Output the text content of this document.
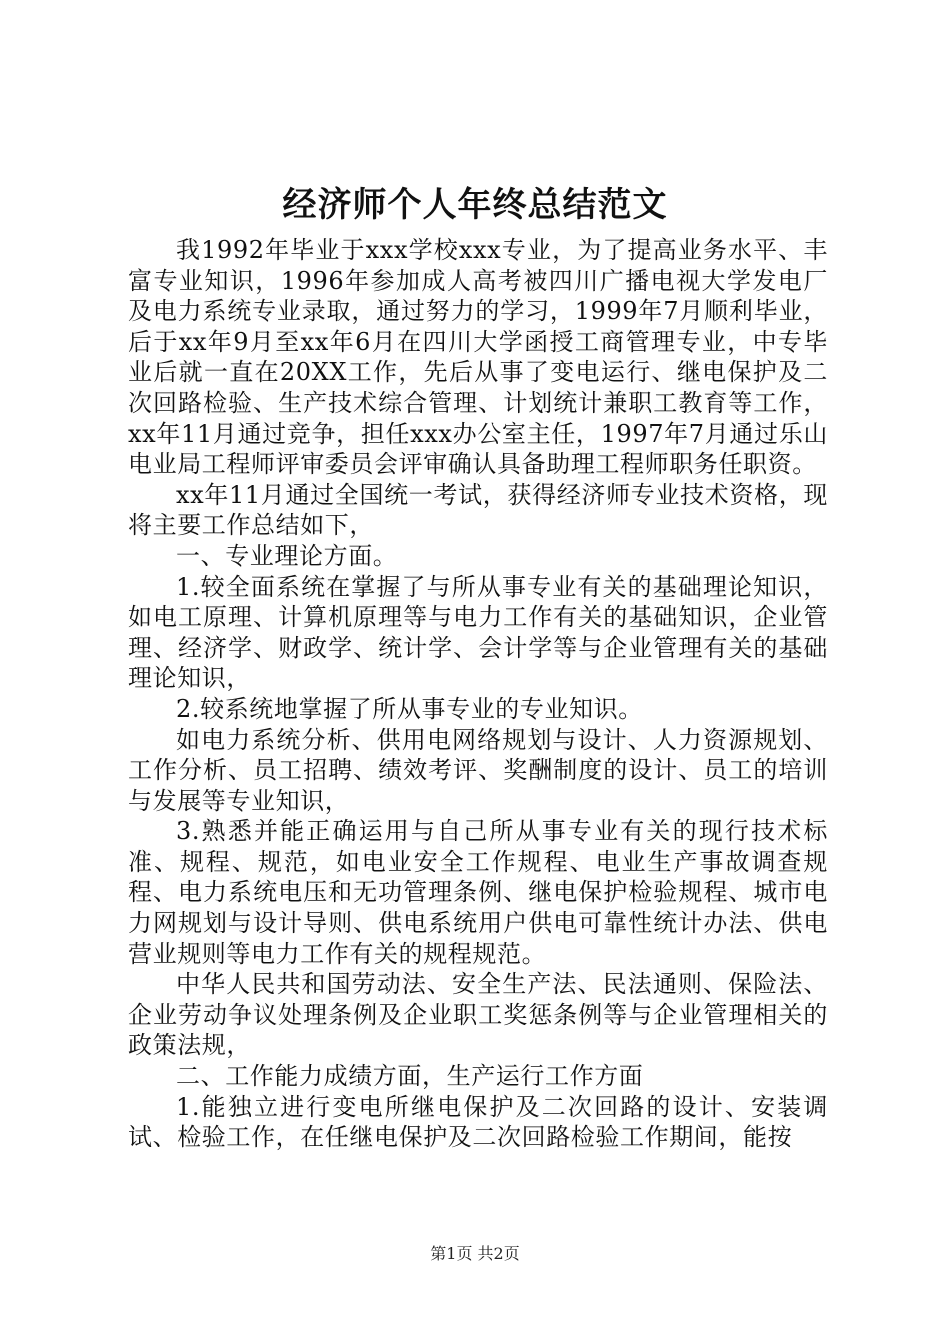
经济师个人年终总结范文

我1992年毕业于xxx学校xxx专业，为了提高业务水平、丰富专业知识，1996年参加成人高考被四川广播电视大学发电厂及电力系统专业录取，通过努力的学习，1999年7月顺利毕业，后于xx年9月至xx年6月在四川大学函授工商管理专业，中专毕业后就一直在20XX工作，先后从事了变电运行、继电保护及二次回路检验、生产技术综合管理、计划统计兼职工教育等工作，xx年11月通过竞争，担任xxx办公室主任，1997年7月通过乐山电业局工程师评审委员会评审确认具备助理工程师职务任职资。

xx年11月通过全国统一考试，获得经济师专业技术资格，现将主要工作总结如下，

一、专业理论方面。

1.较全面系统在掌握了与所从事专业有关的基础理论知识，如电工原理、计算机原理等与电力工作有关的基础知识，企业管理、经济学、财政学、统计学、会计学等与企业管理有关的基础理论知识，

2.较系统地掌握了所从事专业的专业知识。

如电力系统分析、供用电网络规划与设计、人力资源规划、工作分析、员工招聘、绩效考评、奖酬制度的设计、员工的培训与发展等专业知识，

3.熟悉并能正确运用与自己所从事专业有关的现行技术标准、规程、规范，如电业安全工作规程、电业生产事故调查规程、电力系统电压和无功管理条例、继电保护检验规程、城市电力网规划与设计导则、供电系统用户供电可靠性统计办法、供电营业规则等电力工作有关的规程规范。

中华人民共和国劳动法、安全生产法、民法通则、保险法、企业劳动争议处理条例及企业职工奖惩条例等与企业管理相关的政策法规，

二、工作能力成绩方面，生产运行工作方面

1.能独立进行变电所继电保护及二次回路的设计、安装调试、检验工作，在任继电保护及二次回路检验工作期间，能按

第1页 共2页
